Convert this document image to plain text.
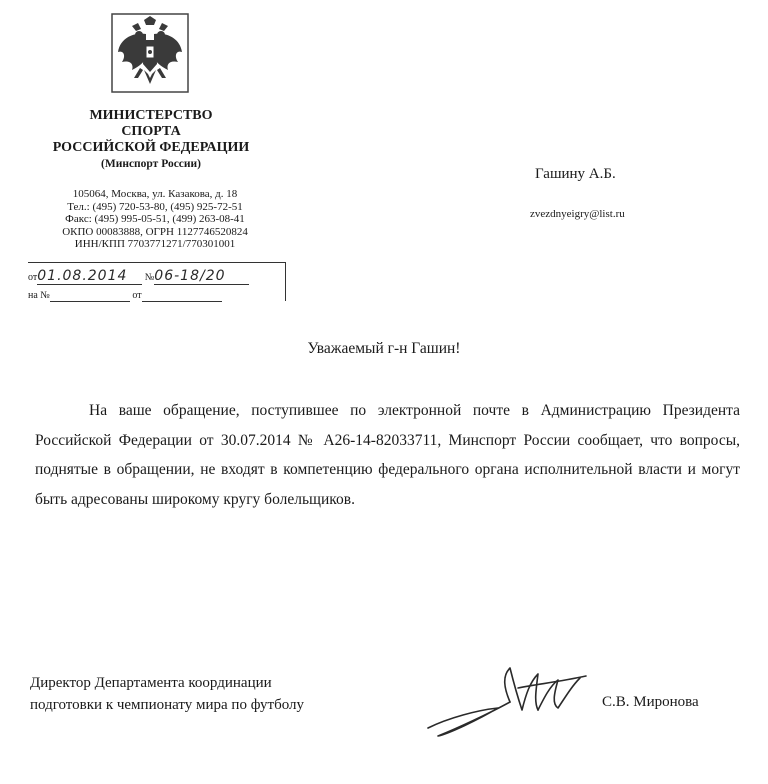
МИНИСТЕРСТВО
СПОРТА
РОССИЙСКОЙ ФЕДЕРАЦИИ
(Минспорт России)
105064, Москва, ул. Казакова, д. 18
Тел.: (495) 720-53-80, (495) 925-72-51
Факс: (495) 995-05-51, (499) 263-08-41
ОКПО 00083888, ОГРН 1127746520824
ИНН/КПП 7703771271/770301001
от01.08.2014 №06-18/20
на №	от
Гашину А.Б.
zvezdnyeigry@list.ru
Уважаемый г-н Гашин!
На ваше обращение, поступившее по электронной почте в Администрацию Президента Российской Федерации от 30.07.2014 № А26-14-82033711, Минспорт России сообщает, что вопросы, поднятые в обращении, не входят в компетенцию федерального органа исполнительной власти и могут быть адресованы широкому кругу болельщиков.
Директор Департамента координации
подготовки к чемпионату мира по футболу	С.В. Миронова
